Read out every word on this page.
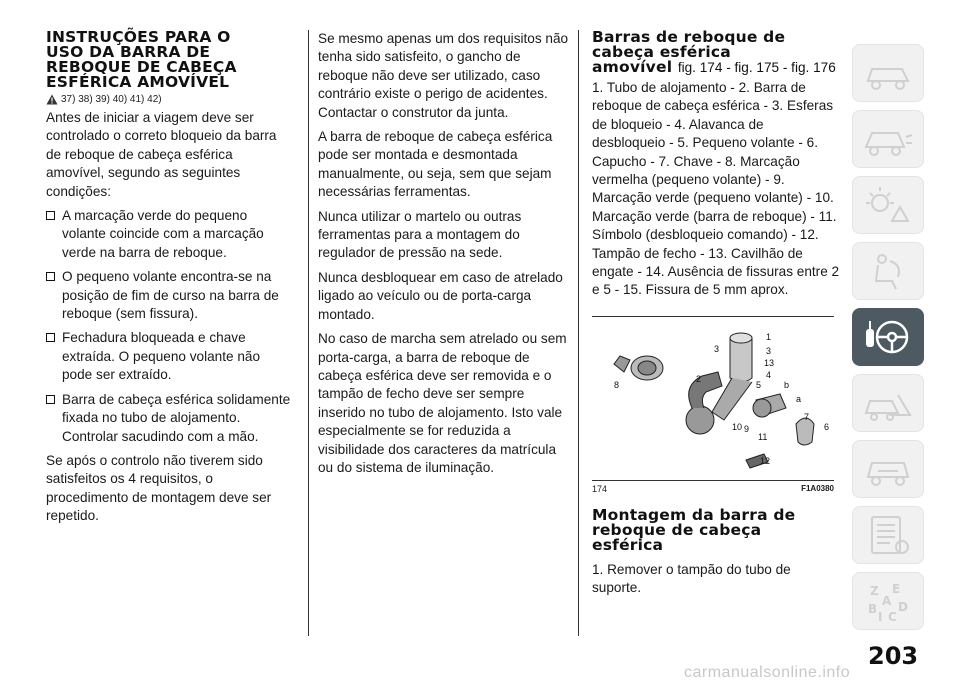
INSTRUÇÕES PARA O
USO DA BARRA DE
REBOQUE DE CABEÇA
ESFÉRICA AMOVÍVEL
37) 38) 39) 40) 41) 42)

Antes de iniciar a viagem deve ser controlado o correto bloqueio da barra de reboque de cabeça esférica amovível, segundo as seguintes condições:

A marcação verde do pequeno volante coincide com a marcação verde na barra de reboque.
O pequeno volante encontra-se na posição de fim de curso na barra de reboque (sem fissura).
Fechadura bloqueada e chave extraída. O pequeno volante não pode ser extraído.
Barra de cabeça esférica solidamente fixada no tubo de alojamento. Controlar sacudindo com a mão.

Se após o controlo não tiverem sido satisfeitos os 4 requisitos, o procedimento de montagem deve ser repetido.

Se mesmo apenas um dos requisitos não tenha sido satisfeito, o gancho de reboque não deve ser utilizado, caso contrário existe o perigo de acidentes. Contactar o construtor da junta.

A barra de reboque de cabeça esférica pode ser montada e desmontada manualmente, ou seja, sem que sejam necessárias ferramentas.

Nunca utilizar o martelo ou outras ferramentas para a montagem do regulador de pressão na sede.

Nunca desbloquear em caso de atrelado ligado ao veículo ou de porta-carga montado.

No caso de marcha sem atrelado ou sem porta-carga, a barra de reboque de cabeça esférica deve ser removida e o tampão de fecho deve ser sempre inserido no tubo de alojamento. Isto vale especialmente se for reduzida a visibilidade dos caracteres da matrícula ou do sistema de iluminação.

Barras de reboque de
cabeça esférica
amovível fig. 174 - fig. 175 - fig. 176

1. Tubo de alojamento - 2. Barra de reboque de cabeça esférica - 3. Esferas de bloqueio - 4. Alavanca de desbloqueio - 5. Pequeno volante - 6. Capucho - 7. Chave - 8. Marcação vermelha (pequeno volante) - 9. Marcação verde (pequeno volante) - 10. Marcação verde (barra de reboque) - 11. Símbolo (desbloqueio comando) - 12. Tampão de fecho - 13. Cavilhão de engate - 14. Ausência de fissuras entre 2 e 5 - 15. Fissura de 5 mm aprox.

1
3	3
13
4
5	b
a
7
6
8
2
10 9
11
12
174	F1A0380
Montagem da barra de
reboque de cabeça
esférica

1. Remover o tampão do tubo de suporte.	Z E
A
B D
I C
203
carmanualsonline.info
